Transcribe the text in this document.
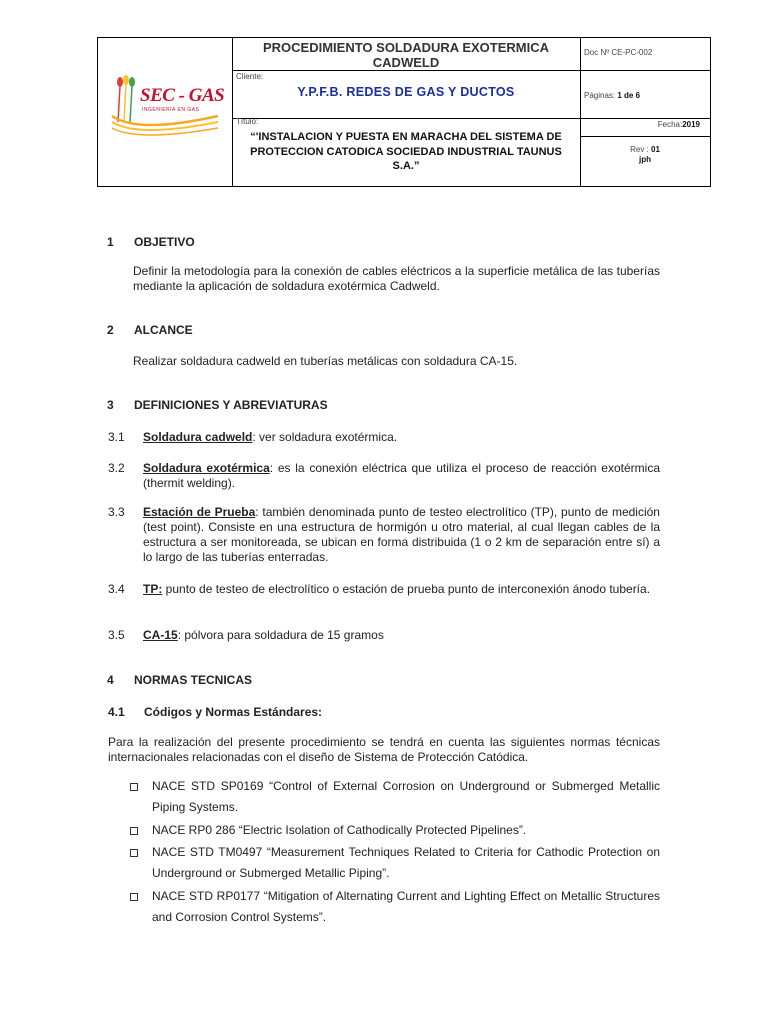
SEC - GAS
INGENIERIA EN GAS
PROCEDIMIENTO SOLDADURA EXOTERMICA CADWELD
Cliente:
Y.P.F.B. REDES DE GAS Y DUCTOS
Título:
“'INSTALACION Y PUESTA EN MARACHA DEL SISTEMA DE PROTECCION CATODICA SOCIEDAD INDUSTRIAL TAUNUS S.A.”
Doc Nº CE-PC-002
Páginas: 1 de 6
Fecha:2019
Rev : 01
jph
1 OBJETIVO
Definir la metodología para la conexión de cables eléctricos a la superficie metálica de las tuberías mediante la aplicación de soldadura exotérmica Cadweld.
2 ALCANCE
Realizar soldadura cadweld en tuberías metálicas con soldadura CA-15.
3 DEFINICIONES Y ABREVIATURAS
3.1 Soldadura cadweld: ver soldadura exotérmica.
3.2 Soldadura exotérmica: es la conexión eléctrica que utiliza el proceso de reacción exotérmica (thermit welding).
3.3 Estación de Prueba: también denominada punto de testeo electrolítico (TP), punto de medición (test point). Consiste en una estructura de hormigón u otro material, al cual llegan cables de la estructura a ser monitoreada, se ubican en forma distribuida (1 o 2 km de separación entre sí) a lo largo de las tuberías enterradas.
3.4 TP: punto de testeo de electrolítico o estación de prueba punto de interconexión ánodo tubería.
3.5 CA-15: pólvora para soldadura de 15 gramos
4 NORMAS TECNICAS
4.1 Códigos y Normas Estándares:
Para la realización del presente procedimiento se tendrá en cuenta las siguientes normas técnicas internacionales relacionadas con el diseño de Sistema de Protección Catódica.
NACE STD SP0169 “Control of External Corrosion on Underground or Submerged Metallic Piping Systems.
NACE RP0 286 “Electric Isolation of Cathodically Protected Pipelines”.
NACE STD TM0497 “Measurement Techniques Related to Criteria for Cathodic Protection on Underground or Submerged Metallic Piping”.
NACE STD RP0177 “Mitigation of Alternating Current and Lighting Effect on Metallic Structures and Corrosion Control Systems”.
